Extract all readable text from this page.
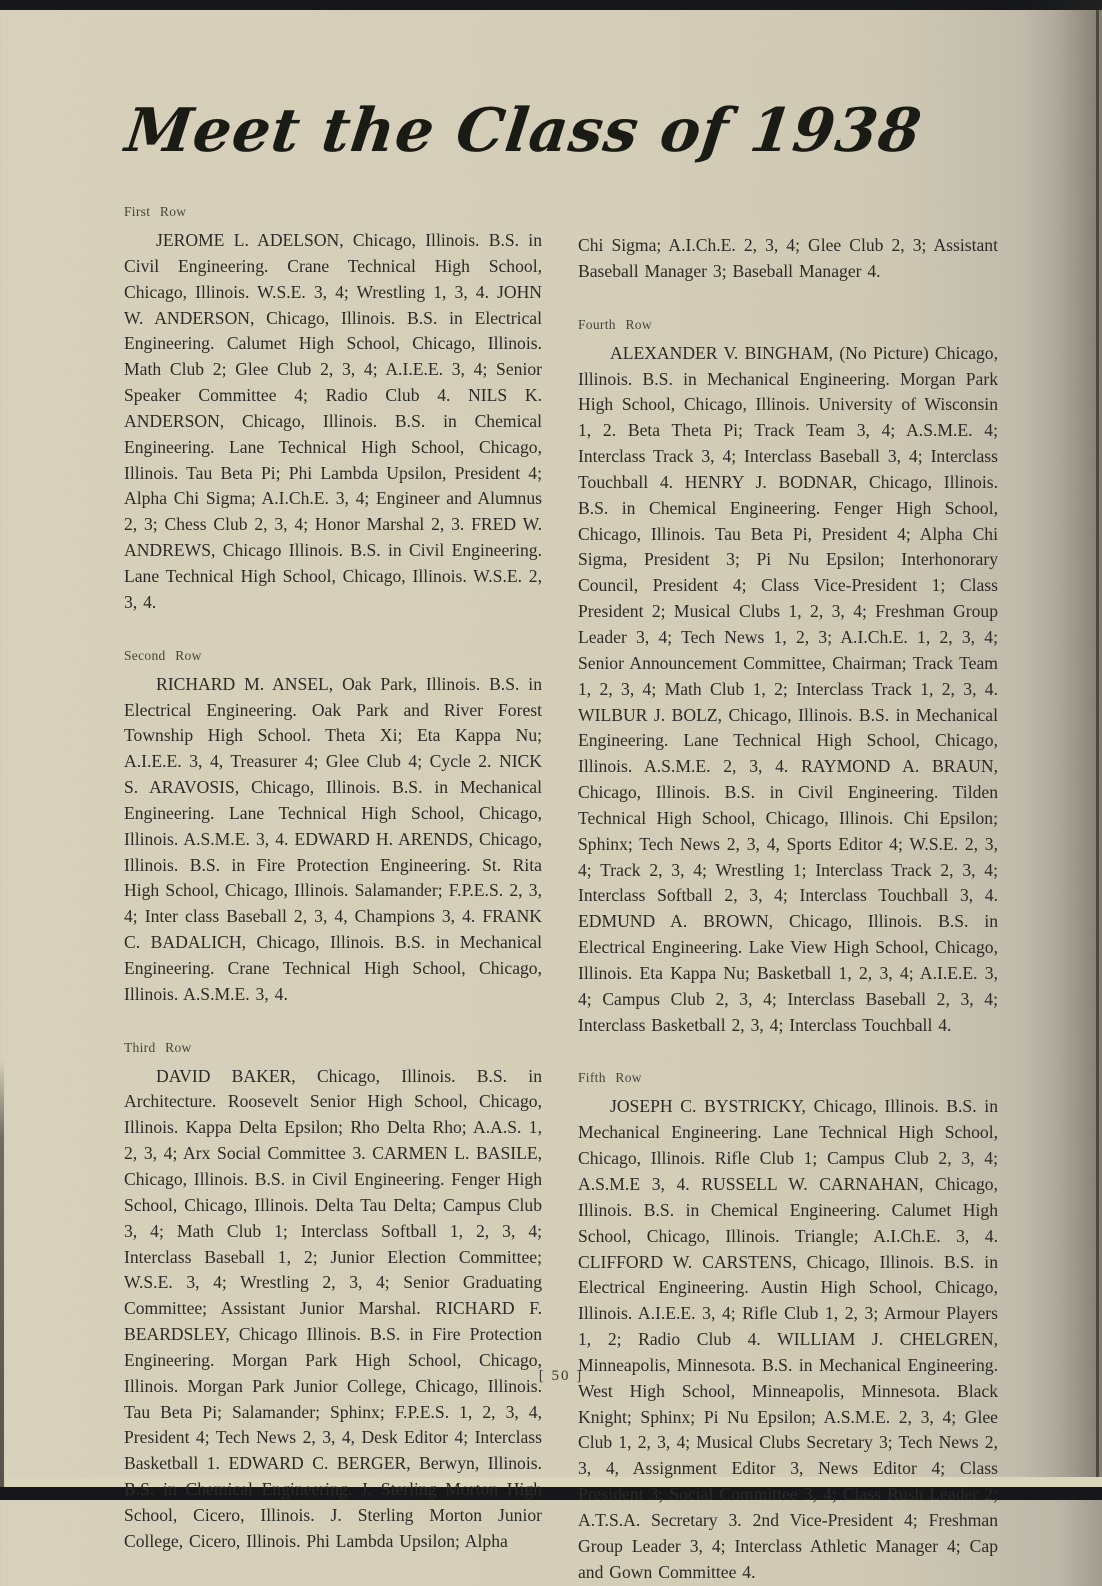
Meet the Class of 1938
First Row

JEROME L. ADELSON, Chicago, Illinois. B.S. in Civil Engineering. Crane Technical High School, Chicago, Illinois. W.S.E. 3, 4; Wrestling 1, 3, 4. JOHN W. ANDERSON, Chicago, Illinois. B.S. in Electrical Engineering. Calumet High School, Chicago, Illinois. Math Club 2; Glee Club 2, 3, 4; A.I.E.E. 3, 4; Senior Speaker Committee 4; Radio Club 4. NILS K. ANDERSON, Chicago, Illinois. B.S. in Chemical Engineering. Lane Technical High School, Chicago, Illinois. Tau Beta Pi; Phi Lambda Upsilon, President 4; Alpha Chi Sigma; A.I.Ch.E. 3, 4; Engineer and Alumnus 2, 3; Chess Club 2, 3, 4; Honor Marshal 2, 3. FRED W. ANDREWS, Chicago Illinois. B.S. in Civil Engineering. Lane Technical High School, Chicago, Illinois. W.S.E. 2, 3, 4.

Second Row

RICHARD M. ANSEL, Oak Park, Illinois. B.S. in Electrical Engineering. Oak Park and River Forest Township High School. Theta Xi; Eta Kappa Nu; A.I.E.E. 3, 4, Treasurer 4; Glee Club 4; Cycle 2. NICK S. ARAVOSIS, Chicago, Illinois. B.S. in Mechanical Engineering. Lane Technical High School, Chicago, Illinois. A.S.M.E. 3, 4. EDWARD H. ARENDS, Chicago, Illinois. B.S. in Fire Protection Engineering. St. Rita High School, Chicago, Illinois. Salamander; F.P.E.S. 2, 3, 4; Inter class Baseball 2, 3, 4, Champions 3, 4. FRANK C. BADALICH, Chicago, Illinois. B.S. in Mechanical Engineering. Crane Technical High School, Chicago, Illinois. A.S.M.E. 3, 4.

Third Row

DAVID BAKER, Chicago, Illinois. B.S. in Architecture. Roosevelt Senior High School, Chicago, Illinois. Kappa Delta Epsilon; Rho Delta Rho; A.A.S. 1, 2, 3, 4; Arx Social Committee 3. CARMEN L. BASILE, Chicago, Illinois. B.S. in Civil Engineering. Fenger High School, Chicago, Illinois. Delta Tau Delta; Campus Club 3, 4; Math Club 1; Interclass Softball 1, 2, 3, 4; Interclass Baseball 1, 2; Junior Election Committee; W.S.E. 3, 4; Wrestling 2, 3, 4; Senior Graduating Committee; Assistant Junior Marshal. RICHARD F. BEARDSLEY, Chicago Illinois. B.S. in Fire Protection Engineering. Morgan Park High School, Chicago, Illinois. Morgan Park Junior College, Chicago, Illinois. Tau Beta Pi; Salamander; Sphinx; F.P.E.S. 1, 2, 3, 4, President 4; Tech News 2, 3, 4, Desk Editor 4; Interclass Basketball 1. EDWARD C. BERGER, Berwyn, Illinois. B.S. in Chemical Engineering. J. Sterling Morton High School, Cicero, Illinois. J. Sterling Morton Junior College, Cicero, Illinois. Phi Lambda Upsilon; Alpha

Chi Sigma; A.I.Ch.E. 2, 3, 4; Glee Club 2, 3; Assistant Baseball Manager 3; Baseball Manager 4.

Fourth Row

ALEXANDER V. BINGHAM, (No Picture) Chicago, Illinois. B.S. in Mechanical Engineering. Morgan Park High School, Chicago, Illinois. University of Wisconsin 1, 2. Beta Theta Pi; Track Team 3, 4; A.S.M.E. 4; Interclass Track 3, 4; Interclass Baseball 3, 4; Interclass Touchball 4. HENRY J. BODNAR, Chicago, Illinois. B.S. in Chemical Engineering. Fenger High School, Chicago, Illinois. Tau Beta Pi, President 4; Alpha Chi Sigma, President 3; Pi Nu Epsilon; Interhonorary Council, President 4; Class Vice-President 1; Class President 2; Musical Clubs 1, 2, 3, 4; Freshman Group Leader 3, 4; Tech News 1, 2, 3; A.I.Ch.E. 1, 2, 3, 4; Senior Announcement Committee, Chairman; Track Team 1, 2, 3, 4; Math Club 1, 2; Interclass Track 1, 2, 3, 4. WILBUR J. BOLZ, Chicago, Illinois. B.S. in Mechanical Engineering. Lane Technical High School, Chicago, Illinois. A.S.M.E. 2, 3, 4. RAYMOND A. BRAUN, Chicago, Illinois. B.S. in Civil Engineering. Tilden Technical High School, Chicago, Illinois. Chi Epsilon; Sphinx; Tech News 2, 3, 4, Sports Editor 4; W.S.E. 2, 3, 4; Track 2, 3, 4; Wrestling 1; Interclass Track 2, 3, 4; Interclass Softball 2, 3, 4; Interclass Touchball 3, 4. EDMUND A. BROWN, Chicago, Illinois. B.S. in Electrical Engineering. Lake View High School, Chicago, Illinois. Eta Kappa Nu; Basketball 1, 2, 3, 4; A.I.E.E. 3, 4; Campus Club 2, 3, 4; Interclass Baseball 2, 3, 4; Interclass Basketball 2, 3, 4; Interclass Touchball 4.

Fifth Row

JOSEPH C. BYSTRICKY, Chicago, Illinois. B.S. in Mechanical Engineering. Lane Technical High School, Chicago, Illinois. Rifle Club 1; Campus Club 2, 3, 4; A.S.M.E 3, 4. RUSSELL W. CARNAHAN, Chicago, Illinois. B.S. in Chemical Engineering. Calumet High School, Chicago, Illinois. Triangle; A.I.Ch.E. 3, 4. CLIFFORD W. CARSTENS, Chicago, Illinois. B.S. in Electrical Engineering. Austin High School, Chicago, Illinois. A.I.E.E. 3, 4; Rifle Club 1, 2, 3; Armour Players 1, 2; Radio Club 4. WILLIAM J. CHELGREN, Minneapolis, Minnesota. B.S. in Mechanical Engineering. West High School, Minneapolis, Minnesota. Black Knight; Sphinx; Pi Nu Epsilon; A.S.M.E. 2, 3, 4; Glee Club 1, 2, 3, 4; Musical Clubs Secretary 3; Tech News 2, 3, 4, Assignment Editor 3, News Editor 4; Class President 3; Social Committee 3, 4; Class Rush Leader 2; A.T.S.A. Secretary 3. 2nd Vice-President 4; Freshman Group Leader 3, 4; Interclass Athletic Manager 4; Cap and Gown Committee 4.

[ 50 ]
